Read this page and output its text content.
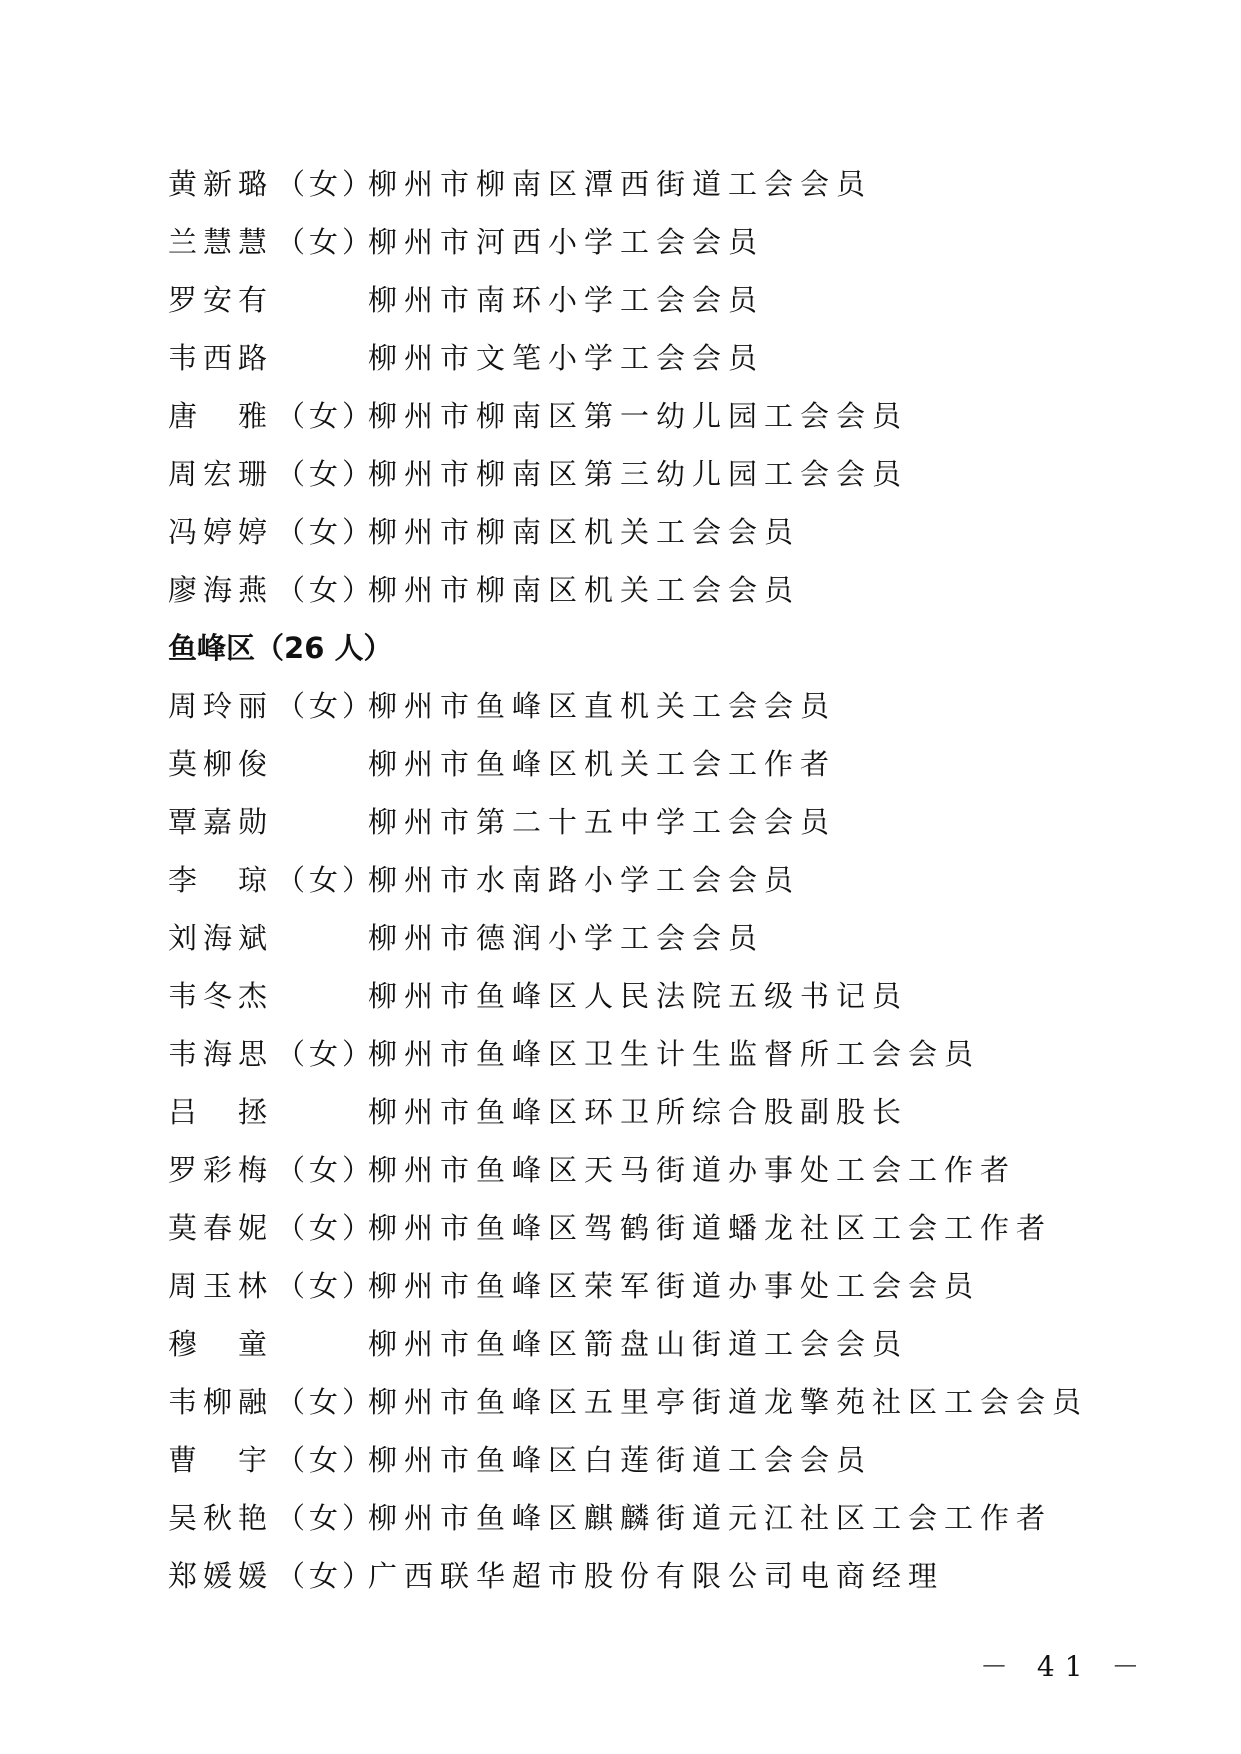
黄新璐 （女）柳州市柳南区潭西街道工会会员
兰慧慧 （女）柳州市河西小学工会会员
罗安有	柳州市南环小学工会会员
韦西路	柳州市文笔小学工会会员
唐　雅 （女）柳州市柳南区第一幼儿园工会会员
周宏珊 （女）柳州市柳南区第三幼儿园工会会员
冯婷婷 （女）柳州市柳南区机关工会会员
廖海燕 （女）柳州市柳南区机关工会会员
鱼峰区（26 人）
周玲丽 （女）柳州市鱼峰区直机关工会会员
莫柳俊	柳州市鱼峰区机关工会工作者
覃嘉勋	柳州市第二十五中学工会会员
李　琼 （女）柳州市水南路小学工会会员
刘海斌	柳州市德润小学工会会员
韦冬杰	柳州市鱼峰区人民法院五级书记员
韦海思 （女）柳州市鱼峰区卫生计生监督所工会会员
吕　拯	柳州市鱼峰区环卫所综合股副股长
罗彩梅 （女）柳州市鱼峰区天马街道办事处工会工作者
莫春妮 （女）柳州市鱼峰区驾鹤街道蟠龙社区工会工作者
周玉林 （女）柳州市鱼峰区荣军街道办事处工会会员
穆　童	柳州市鱼峰区箭盘山街道工会会员
韦柳融 （女）柳州市鱼峰区五里亭街道龙擎苑社区工会会员
曹　宇 （女）柳州市鱼峰区白莲街道工会会员
吴秋艳 （女）柳州市鱼峰区麒麟街道元江社区工会工作者
郑媛媛 （女）广西联华超市股份有限公司电商经理
－ 41 －
